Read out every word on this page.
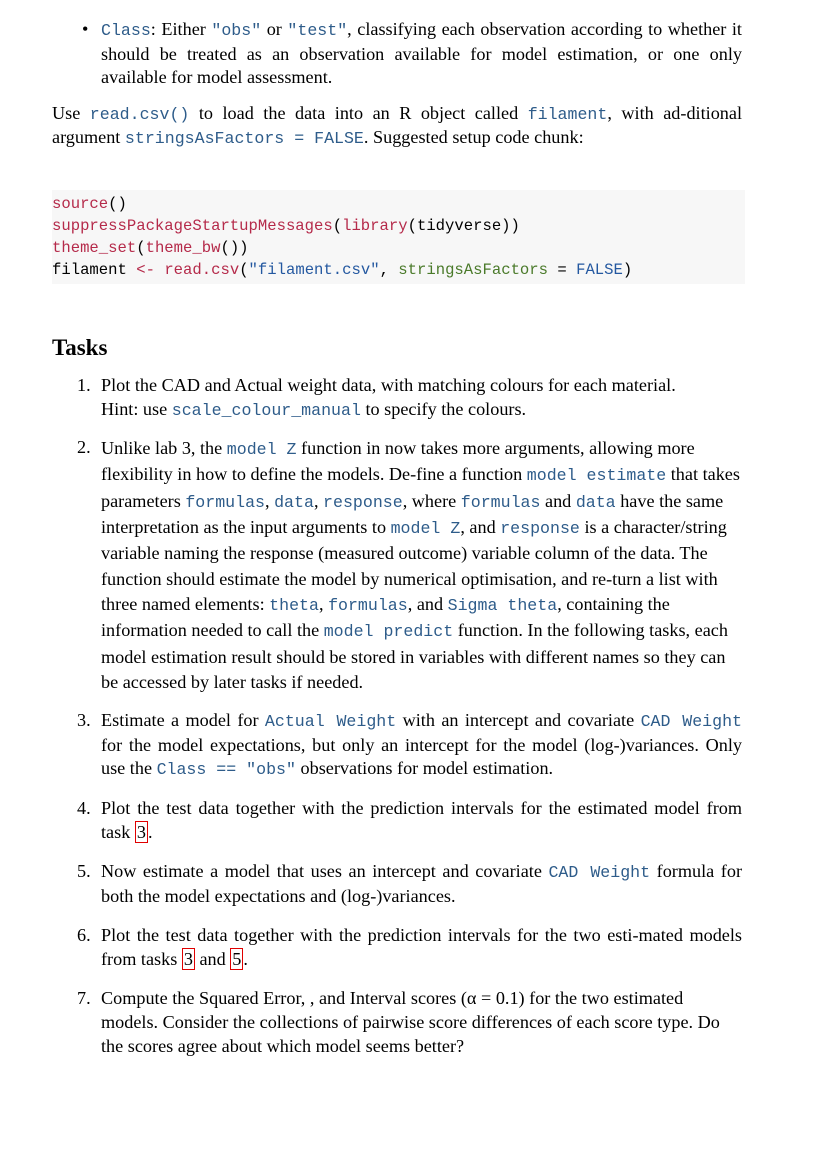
• Class: Either "obs" or "test", classifying each observation according to whether it should be treated as an observation available for model estimation, or one only available for model assessment.
Use read.csv() to load the data into an R object called filament, with ad-ditional argument stringsAsFactors = FALSE. Suggested setup code chunk:
source()
suppressPackageStartupMessages(library(tidyverse))
theme_set(theme_bw())
filament <- read.csv("filament.csv", stringsAsFactors = FALSE)
Tasks
1. Plot the CAD and Actual weight data, with matching colours for each material.
Hint: use scale_colour_manual to specify the colours.
2. Unlike lab 3, the model Z function in now takes more arguments, allowing more flexibility in how to define the models. De-fine a function model estimate that takes parameters formulas, data, response, where formulas and data have the same interpretation as the input arguments to model Z, and response is a character/string variable naming the response (measured outcome) variable column of the data. The function should estimate the model by numerical optimisation, and re-turn a list with three named elements: theta, formulas, and Sigma theta, containing the information needed to call the model predict function. In the following tasks, each model estimation result should be stored in variables with different names so they can be accessed by later tasks if needed.
3. Estimate a model for Actual Weight with an intercept and covariate CAD Weight for the model expectations, but only an intercept for the model (log-)variances. Only use the Class == "obs" observations for model estimation.
4. Plot the test data together with the prediction intervals for the estimated model from task 3 .
5. Now estimate a model that uses an intercept and covariate CAD Weight formula for both the model expectations and (log-)variances.
6. Plot the test data together with the prediction intervals for the two esti-mated models from tasks 3 and 5 .
7. Compute the Squared Error, , and Interval scores (α = 0.1) for the two estimated models. Consider the collections of pairwise score differences of each score type. Do the scores agree about which model seems better?
